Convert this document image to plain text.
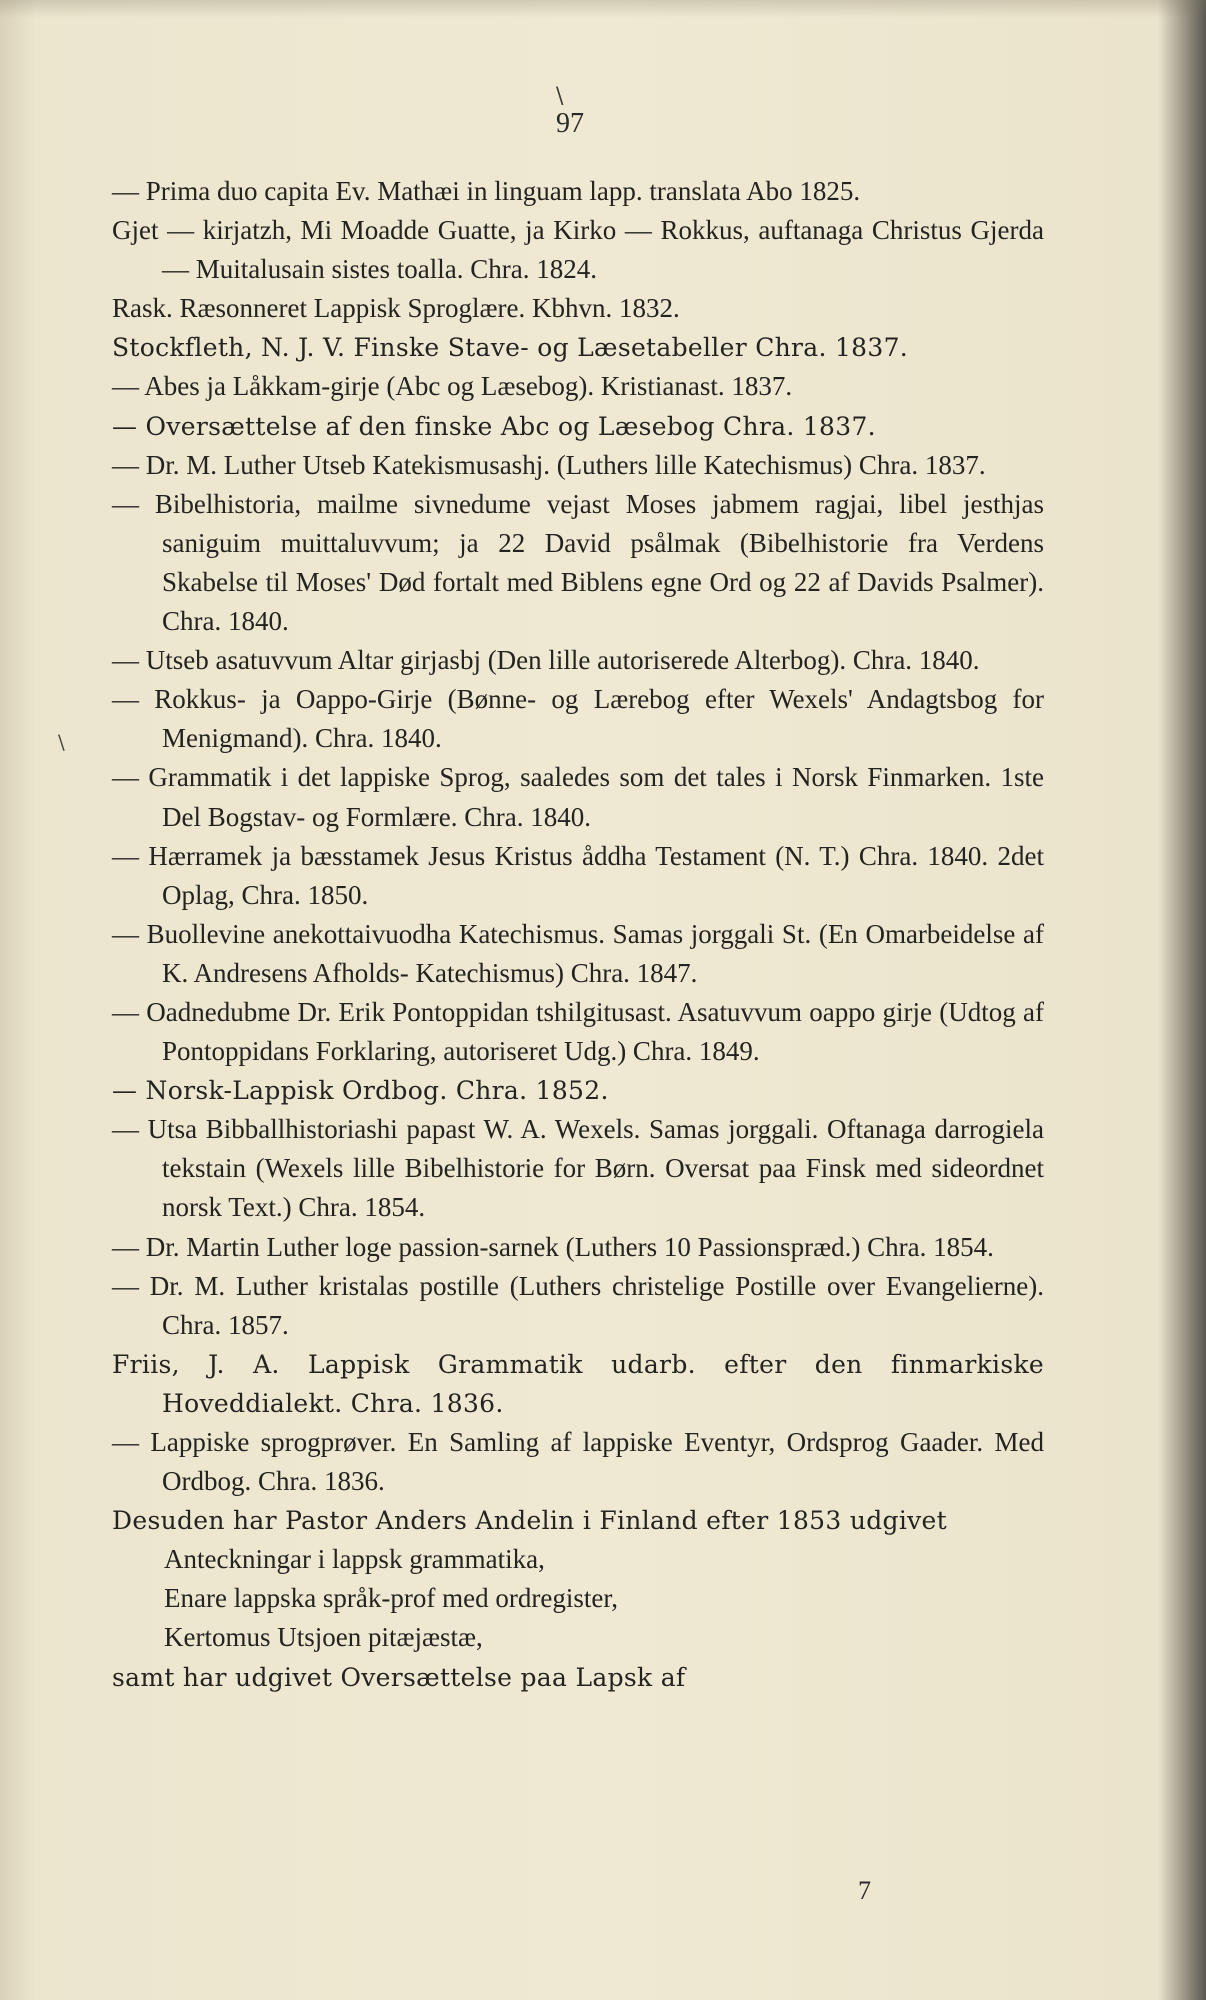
\
97
\

— Prima duo capita Ev. Mathæi in linguam lapp. translata Abo 1825.

Gjet — kirjatzh, Mi Moadde Guatte, ja Kirko — Rokkus, auftanaga Christus Gjerda — Muitalusain sistes toalla. Chra. 1824.

Rask. Ræsonneret Lappisk Sproglære. Kbhvn. 1832.

Stockfleth, N. J. V. Finske Stave- og Læsetabeller Chra. 1837.

— Abes ja Låkkam-girje (Abc og Læsebog). Kristianast. 1837.

— Oversættelse af den finske Abc og Læsebog Chra. 1837.

— Dr. M. Luther Utseb Katekismusashj. (Luthers lille Katechismus) Chra. 1837.

— Bibelhistoria, mailme sivnedume vejast Moses jabmem ragjai, libel jesthjas saniguim muittaluvvum; ja 22 David psålmak (Bibelhistorie fra Verdens Skabelse til Moses' Død fortalt med Biblens egne Ord og 22 af Davids Psalmer). Chra. 1840.

— Utseb asatuvvum Altar girjasbj (Den lille autoriserede Alterbog). Chra. 1840.

— Rokkus- ja Oappo-Girje (Bønne- og Lærebog efter Wexels' Andagtsbog for Menigmand). Chra. 1840.

— Grammatik i det lappiske Sprog, saaledes som det tales i Norsk Finmarken. 1ste Del Bogstav- og Formlære. Chra. 1840.

— Hærramek ja bæsstamek Jesus Kristus åddha Testament (N. T.) Chra. 1840. 2det Oplag, Chra. 1850.

— Buollevine anekottaivuodha Katechismus. Samas jorggali St. (En Omarbeidelse af K. Andresens Afholds- Katechismus) Chra. 1847.

— Oadnedubme Dr. Erik Pontoppidan tshilgitusast. Asatuvvum oappo girje (Udtog af Pontoppidans Forklaring, autoriseret Udg.) Chra. 1849.

— Norsk-Lappisk Ordbog. Chra. 1852.

— Utsa Bibballhistoriashi papast W. A. Wexels. Samas jorggali. Oftanaga darrogiela tekstain (Wexels lille Bibelhistorie for Børn. Oversat paa Finsk med sideordnet norsk Text.) Chra. 1854.

— Dr. Martin Luther loge passion-sarnek (Luthers 10 Passionspræd.) Chra. 1854.

— Dr. M. Luther kristalas postille (Luthers christelige Postille over Evangelierne). Chra. 1857.

Friis, J. A. Lappisk Grammatik udarb. efter den finmarkiske Hoveddialekt. Chra. 1836.

— Lappiske sprogprøver. En Samling af lappiske Eventyr, Ordsprog Gaader. Med Ordbog. Chra. 1836.

Desuden har Pastor Anders Andelin i Finland efter 1853 udgivet

Anteckningar i lappsk grammatika,

Enare lappska språk-prof med ordregister,

Kertomus Utsjoen pitæjæstæ,

samt har udgivet Oversættelse paa Lapsk af

7
